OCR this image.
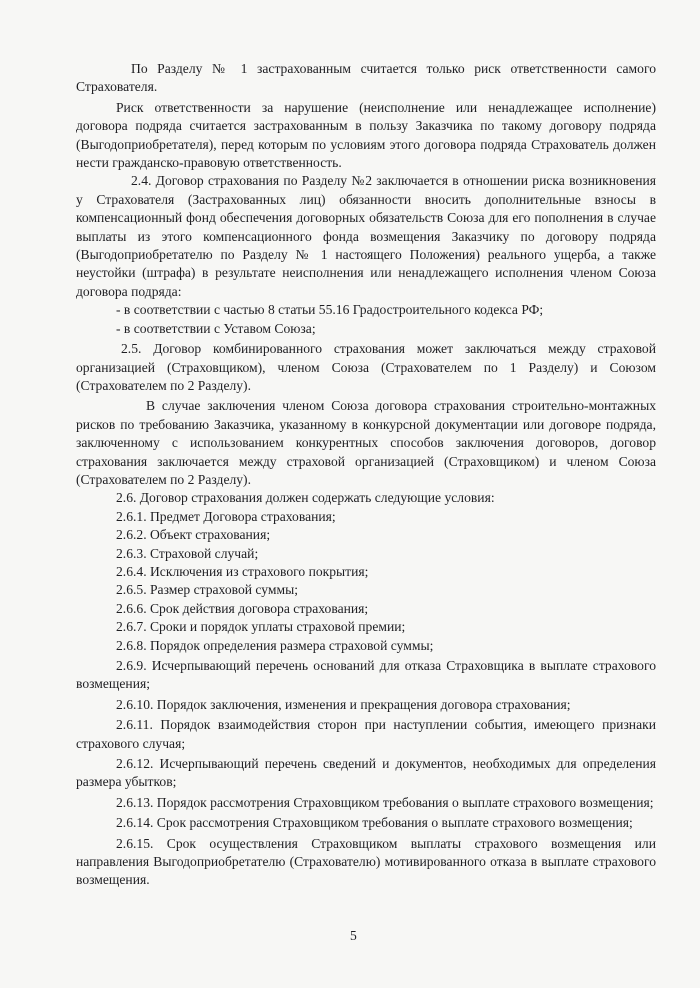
По Разделу № 1 застрахованным считается только риск ответственности самого Страхователя.

Риск ответственности за нарушение (неисполнение или ненадлежащее исполнение) договора подряда считается застрахованным в пользу Заказчика по такому договору подряда (Выгодоприобретателя), перед которым по условиям этого договора подряда Страхователь должен нести гражданско-правовую ответственность.

2.4. Договор страхования по Разделу №2 заключается в отношении риска возникновения у Страхователя (Застрахованных лиц) обязанности вносить дополнительные взносы в компенсационный фонд обеспечения договорных обязательств Союза для его пополнения в случае выплаты из этого компенсационного фонда возмещения Заказчику по договору подряда (Выгодоприобретателю по Разделу № 1 настоящего Положения) реального ущерба, а также неустойки (штрафа) в результате неисполнения или ненадлежащего исполнения членом Союза договора подряда:

- в соответствии с частью 8 статьи 55.16 Градостроительного кодекса РФ;

- в соответствии с Уставом Союза;

2.5. Договор комбинированного страхования может заключаться между страховой организацией (Страховщиком), членом Союза (Страхователем по 1 Разделу) и Союзом (Страхователем по 2 Разделу).

В случае заключения членом Союза договора страхования строительно-монтажных рисков по требованию Заказчика, указанному в конкурсной документации или договоре подряда, заключенному с использованием конкурентных способов заключения договоров, договор страхования заключается между страховой организацией (Страховщиком) и членом Союза (Страхователем по 2 Разделу).

2.6. Договор страхования должен содержать следующие условия:

2.6.1. Предмет Договора страхования;

2.6.2. Объект страхования;

2.6.3. Страховой случай;

2.6.4. Исключения из страхового покрытия;

2.6.5. Размер страховой суммы;

2.6.6. Срок действия договора страхования;

2.6.7. Сроки и порядок уплаты страховой премии;

2.6.8. Порядок определения размера страховой суммы;

2.6.9. Исчерпывающий перечень оснований для отказа Страховщика в выплате страхового возмещения;

2.6.10. Порядок заключения, изменения и прекращения договора страхования;

2.6.11. Порядок взаимодействия сторон при наступлении события, имеющего признаки страхового случая;

2.6.12. Исчерпывающий перечень сведений и документов, необходимых для определения размера убытков;

2.6.13. Порядок рассмотрения Страховщиком требования о выплате страхового возмещения;

2.6.14. Срок рассмотрения Страховщиком требования о выплате страхового возмещения;

2.6.15. Срок осуществления Страховщиком выплаты страхового возмещения или направления Выгодоприобретателю (Страхователю) мотивированного отказа в выплате страхового возмещения.

5
